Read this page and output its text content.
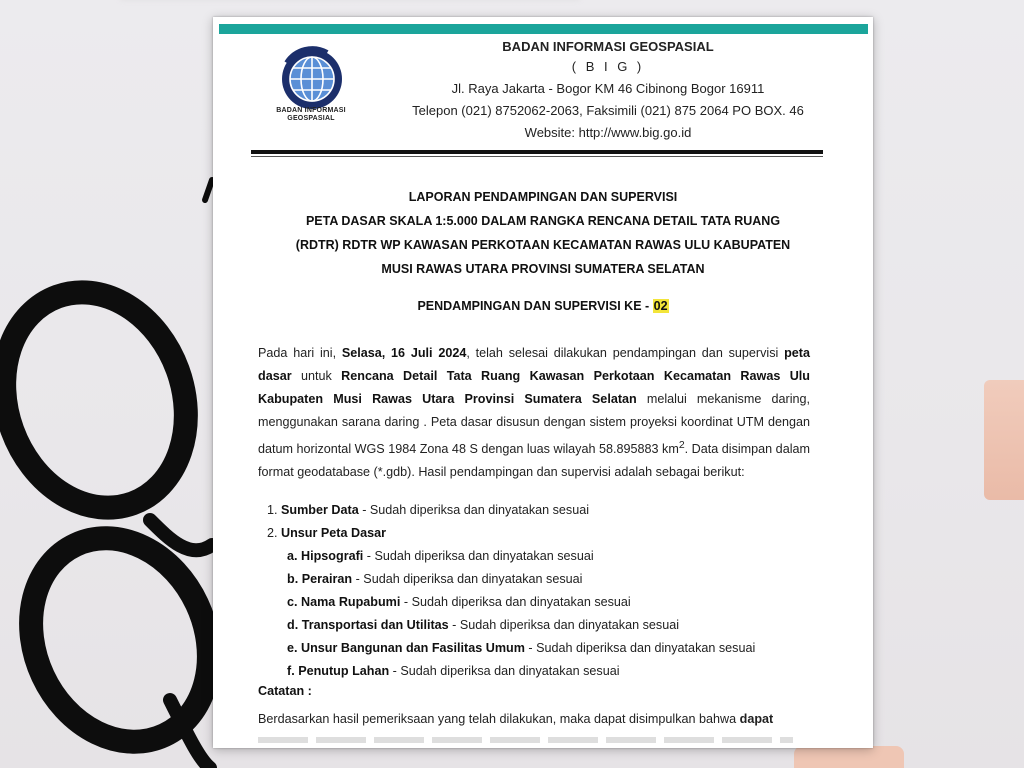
BADAN INFORMASI GEOSPASIAL
BADAN INFORMASI GEOSPASIAL
( B I G )
Jl. Raya Jakarta - Bogor KM 46 Cibinong Bogor 16911
Telepon (021) 8752062-2063, Faksimili (021) 875 2064 PO BOX. 46
Website: http://www.big.go.id
LAPORAN PENDAMPINGAN DAN SUPERVISI
PETA DASAR SKALA 1:5.000 DALAM RANGKA RENCANA DETAIL TATA RUANG
(RDTR) RDTR WP KAWASAN PERKOTAAN KECAMATAN RAWAS ULU KABUPATEN
MUSI RAWAS UTARA PROVINSI SUMATERA SELATAN
PENDAMPINGAN DAN SUPERVISI KE - 02
Pada hari ini, Selasa, 16 Juli 2024, telah selesai dilakukan pendampingan dan supervisi peta dasar untuk Rencana Detail Tata Ruang Kawasan Perkotaan Kecamatan Rawas Ulu Kabupaten Musi Rawas Utara Provinsi Sumatera Selatan melalui mekanisme daring, menggunakan sarana daring . Peta dasar disusun dengan sistem proyeksi koordinat UTM dengan datum horizontal WGS 1984 Zona 48 S dengan luas wilayah 58.895883 $km^2$. Data disimpan dalam format geodatabase (*.gdb). Hasil pendampingan dan supervisi adalah sebagai berikut:
1. Sumber Data - Sudah diperiksa dan dinyatakan sesuai
2. Unsur Peta Dasar
a. Hipsografi - Sudah diperiksa dan dinyatakan sesuai
b. Perairan - Sudah diperiksa dan dinyatakan sesuai
c. Nama Rupabumi - Sudah diperiksa dan dinyatakan sesuai
d. Transportasi dan Utilitas - Sudah diperiksa dan dinyatakan sesuai
e. Unsur Bangunan dan Fasilitas Umum - Sudah diperiksa dan dinyatakan sesuai
f. Penutup Lahan - Sudah diperiksa dan dinyatakan sesuai
Catatan :
Berdasarkan hasil pemeriksaan yang telah dilakukan, maka dapat disimpulkan bahwa dapat
